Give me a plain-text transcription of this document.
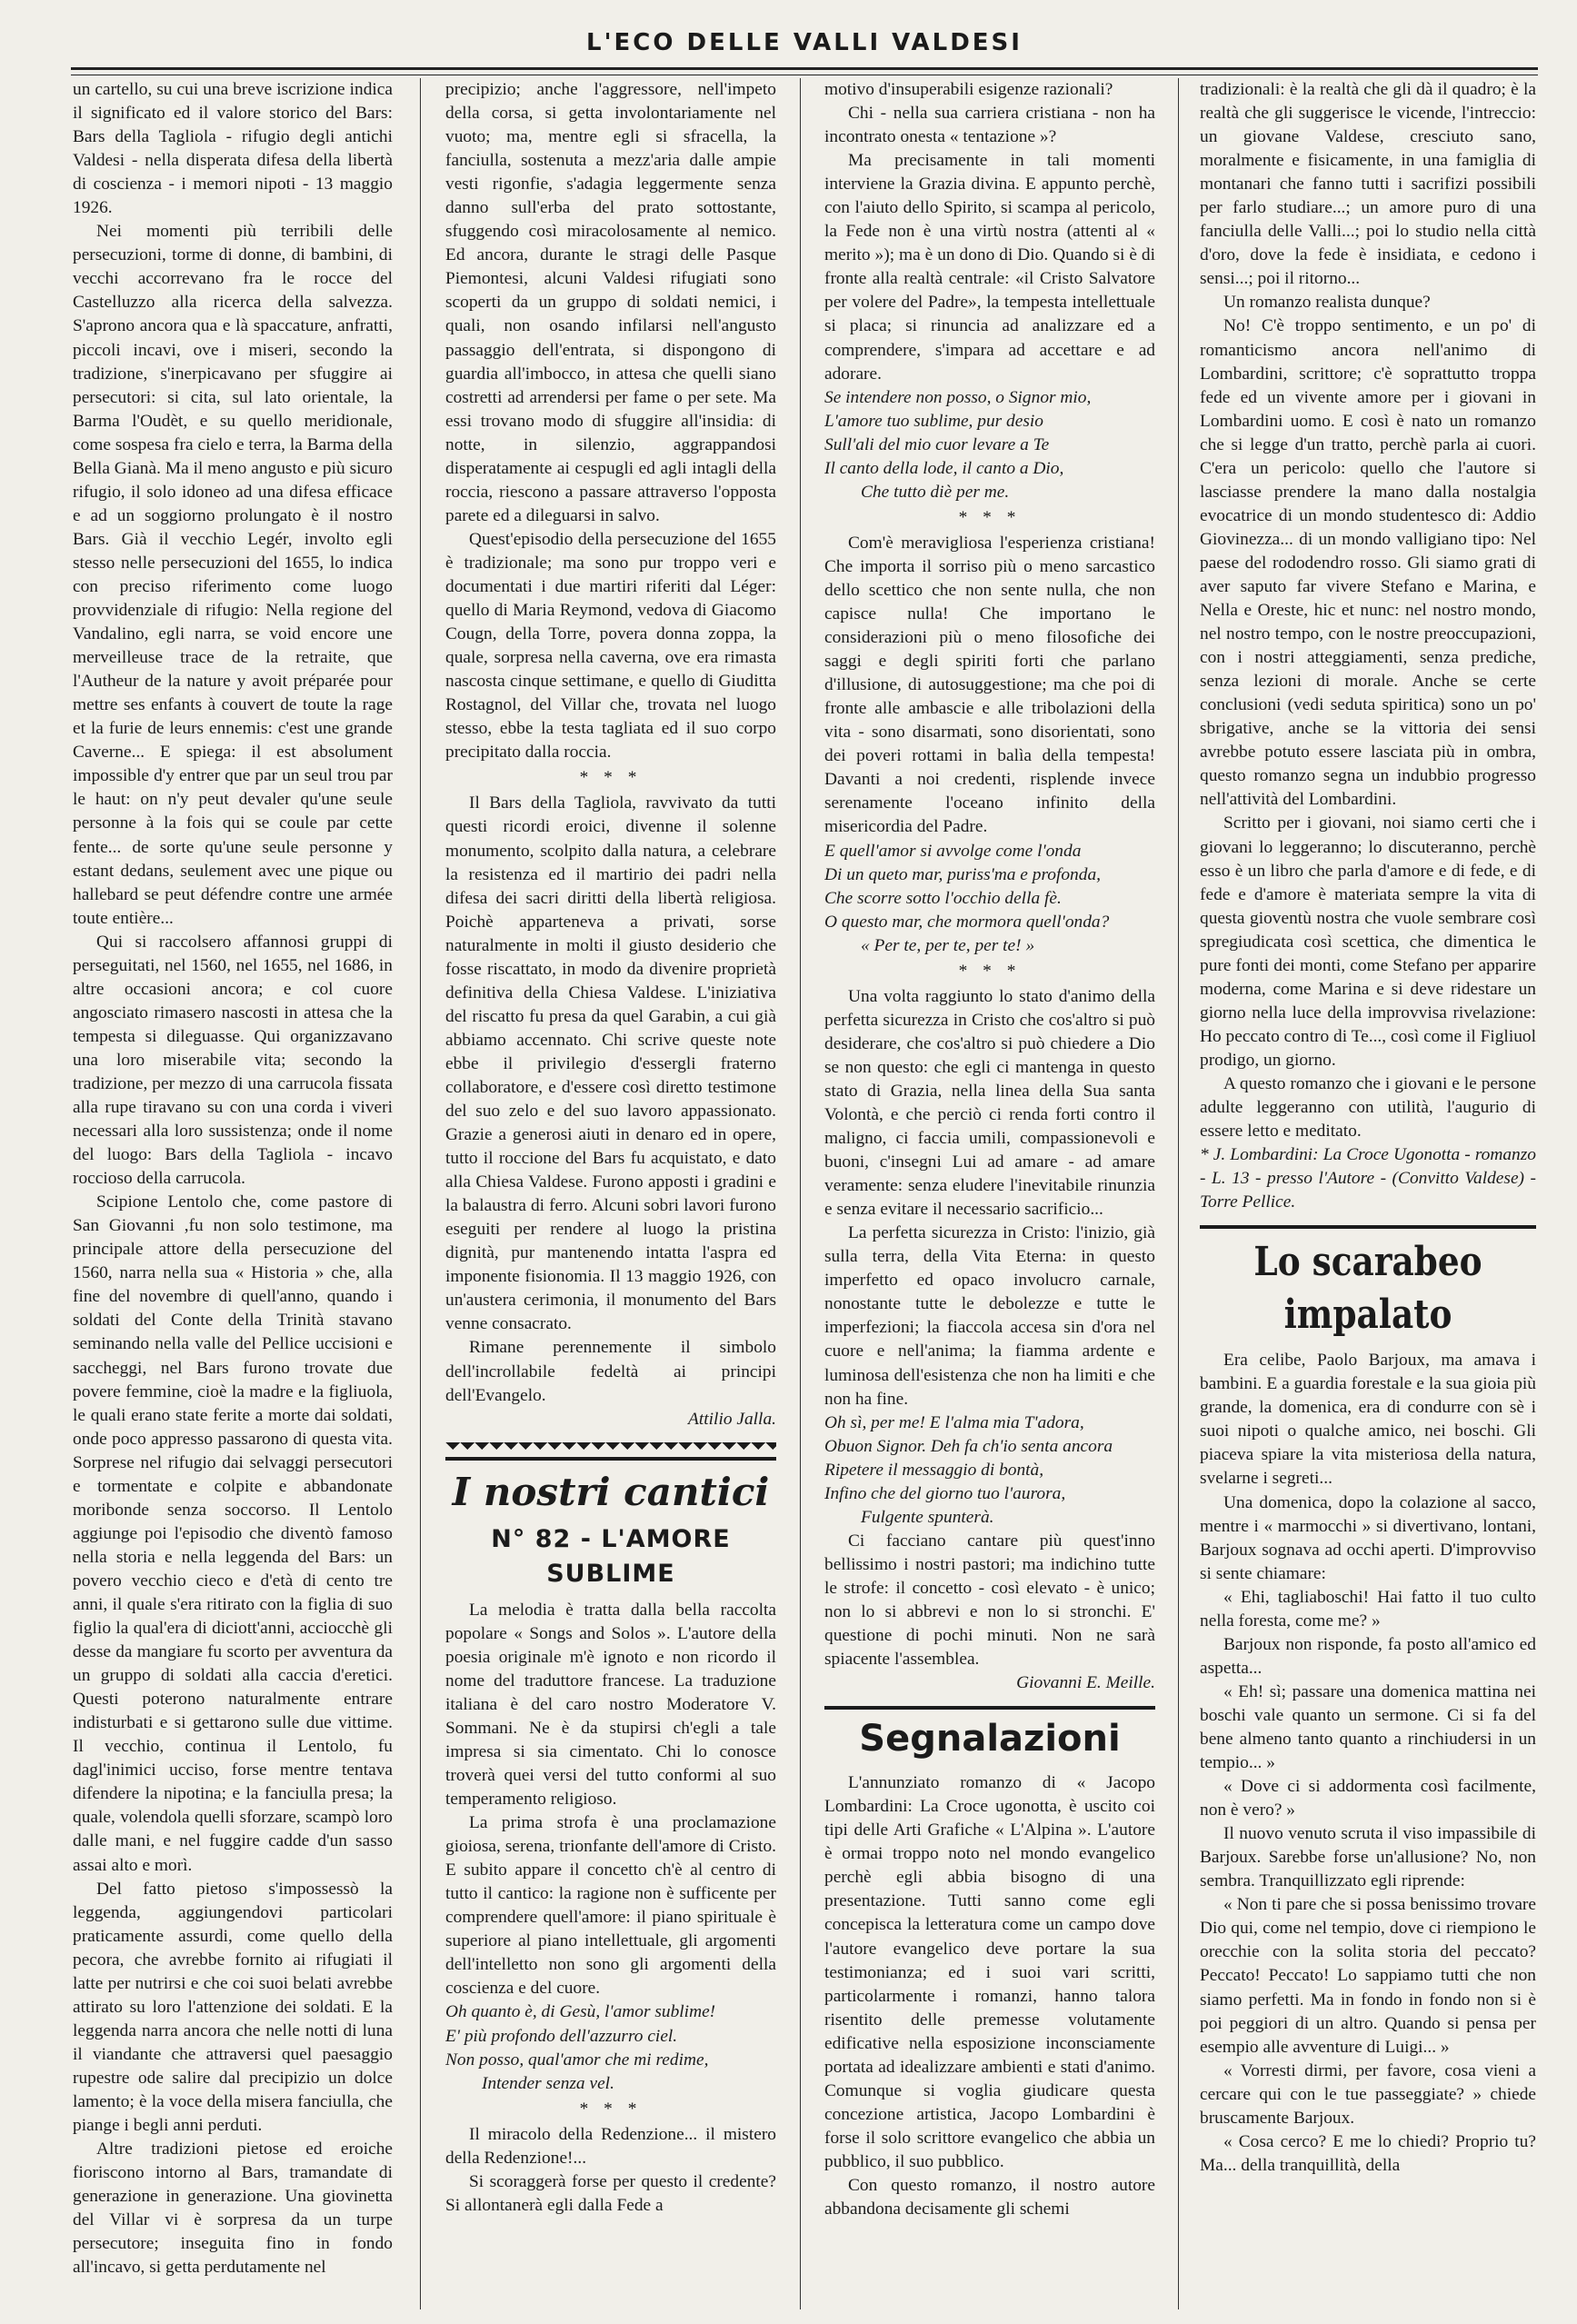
L'ECO DELLE VALLI VALDESI

un cartello, su cui una breve iscrizione indica il significato ed il valore storico del Bars: Bars della Tagliola - rifugio degli antichi Valdesi - nella disperata difesa della libertà di coscienza - i memori nipoti - 13 maggio 1926.

Nei momenti più terribili delle persecuzioni, torme di donne, di bambini, di vecchi accorrevano fra le rocce del Castelluzzo alla ricerca della salvezza. S'aprono ancora qua e là spaccature, anfratti, piccoli incavi, ove i miseri, secondo la tradizione, s'inerpicavano per sfuggire ai persecutori: si cita, sul lato orientale, la Barma l'Oudèt, e su quello meridionale, come sospesa fra cielo e terra, la Barma della Bella Gianà. Ma il meno angusto e più sicuro rifugio, il solo idoneo ad una difesa efficace e ad un soggiorno prolungato è il nostro Bars. Già il vecchio Legér, involto egli stesso nelle persecuzioni del 1655, lo indica con preciso riferimento come luogo provvidenziale di rifugio: Nella regione del Vandalino, egli narra, se void encore une merveilleuse trace de la retraite, que l'Autheur de la nature y avoit préparée pour mettre ses enfants à couvert de toute la rage et la furie de leurs ennemis: c'est une grande Caverne... E spiega: il est absolument impossible d'y entrer que par un seul trou par le haut: on n'y peut devaler qu'une seule personne à la fois qui se coule par cette fente... de sorte qu'une seule personne y estant dedans, seulement avec une pique ou hallebard se peut défendre contre une armée toute entière...

Qui si raccolsero affannosi gruppi di perseguitati, nel 1560, nel 1655, nel 1686, in altre occasioni ancora; e col cuore angosciato rimasero nascosti in attesa che la tempesta si dileguasse. Qui organizzavano una loro miserabile vita; secondo la tradizione, per mezzo di una carrucola fissata alla rupe tiravano su con una corda i viveri necessari alla loro sussistenza; onde il nome del luogo: Bars della Tagliola - incavo roccioso della carrucola.

Scipione Lentolo che, come pastore di San Giovanni ,fu non solo testimone, ma principale attore della persecuzione del 1560, narra nella sua « Historia » che, alla fine del novembre di quell'anno, quando i soldati del Conte della Trinità stavano seminando nella valle del Pellice uccisioni e saccheggi, nel Bars furono trovate due povere femmine, cioè la madre e la figliuola, le quali erano state ferite a morte dai soldati, onde poco appresso passarono di questa vita. Sorprese nel rifugio dai selvaggi persecutori e tormentate e colpite e abbandonate moribonde senza soccorso. Il Lentolo aggiunge poi l'episodio che diventò famoso nella storia e nella leggenda del Bars: un povero vecchio cieco e d'età di cento tre anni, il quale s'era ritirato con la figlia di suo figlio la qual'era di diciott'anni, acciocchè gli desse da mangiare fu scorto per avventura da un gruppo di soldati alla caccia d'eretici. Questi poterono naturalmente entrare indisturbati e si gettarono sulle due vittime. Il vecchio, continua il Lentolo, fu dagl'inimici ucciso, forse mentre tentava difendere la nipotina; e la fanciulla presa; la quale, volendola quelli sforzare, scampò loro dalle mani, e nel fuggire cadde d'un sasso assai alto e morì.

Del fatto pietoso s'impossessò la leggenda, aggiungendovi particolari praticamente assurdi, come quello della pecora, che avrebbe fornito ai rifugiati il latte per nutrirsi e che coi suoi belati avrebbe attirato su loro l'attenzione dei soldati. E la leggenda narra ancora che nelle notti di luna il viandante che attraversi quel paesaggio rupestre ode salire dal precipizio un dolce lamento; è la voce della misera fanciulla, che piange i begli anni perduti.

Altre tradizioni pietose ed eroiche fioriscono intorno al Bars, tramandate di generazione in generazione. Una giovinetta del Villar vi è sorpresa da un turpe persecutore; inseguita fino in fondo all'incavo, si getta perdutamente nel

precipizio; anche l'aggressore, nell'impeto della corsa, si getta involontariamente nel vuoto; ma, mentre egli si sfracella, la fanciulla, sostenuta a mezz'aria dalle ampie vesti rigonfie, s'adagia leggermente senza danno sull'erba del prato sottostante, sfuggendo così miracolosamente al nemico. Ed ancora, durante le stragi delle Pasque Piemontesi, alcuni Valdesi rifugiati sono scoperti da un gruppo di soldati nemici, i quali, non osando infilarsi nell'angusto passaggio dell'entrata, si dispongono di guardia all'imbocco, in attesa che quelli siano costretti ad arrendersi per fame o per sete. Ma essi trovano modo di sfuggire all'insidia: di notte, in silenzio, aggrappandosi disperatamente ai cespugli ed agli intagli della roccia, riescono a passare attraverso l'opposta parete ed a dileguarsi in salvo.

Quest'episodio della persecuzione del 1655 è tradizionale; ma sono pur troppo veri e documentati i due martiri riferiti dal Léger: quello di Maria Reymond, vedova di Giacomo Cougn, della Torre, povera donna zoppa, la quale, sorpresa nella caverna, ove era rimasta nascosta cinque settimane, e quello di Giuditta Rostagnol, del Villar che, trovata nel luogo stesso, ebbe la testa tagliata ed il suo corpo precipitato dalla roccia.

* * *

Il Bars della Tagliola, ravvivato da tutti questi ricordi eroici, divenne il solenne monumento, scolpito dalla natura, a celebrare la resistenza ed il martirio dei padri nella difesa dei sacri diritti della libertà religiosa. Poichè apparteneva a privati, sorse naturalmente in molti il giusto desiderio che fosse riscattato, in modo da divenire proprietà definitiva della Chiesa Valdese. L'iniziativa del riscatto fu presa da quel Garabin, a cui già abbiamo accennato. Chi scrive queste note ebbe il privilegio d'essergli fraterno collaboratore, e d'essere così diretto testimone del suo zelo e del suo lavoro appassionato. Grazie a generosi aiuti in denaro ed in opere, tutto il roccione del Bars fu acquistato, e dato alla Chiesa Valdese. Furono apposti i gradini e la balaustra di ferro. Alcuni sobri lavori furono eseguiti per rendere al luogo la pristina dignità, pur mantenendo intatta l'aspra ed imponente fisionomia. Il 13 maggio 1926, con un'austera cerimonia, il monumento del Bars venne consacrato.

Rimane perennemente il simbolo dell'incrollabile fedeltà ai principi dell'Evangelo.

Attilio Jalla.

I nostri cantici
N° 82 - L'AMORE SUBLIME

La melodia è tratta dalla bella raccolta popolare « Songs and Solos ». L'autore della poesia originale m'è ignoto e non ricordo il nome del traduttore francese. La traduzione italiana è del caro nostro Moderatore V. Sommani. Ne è da stupirsi ch'egli a tale impresa si sia cimentato. Chi lo conosce troverà quei versi del tutto conformi al suo temperamento religioso.

La prima strofa è una proclamazione gioiosa, serena, trionfante dell'amore di Cristo. E subito appare il concetto ch'è al centro di tutto il cantico: la ragione non è sufficente per comprendere quell'amore: il piano spirituale è superiore al piano intellettuale, gli argomenti dell'intelletto non sono gli argomenti della coscienza e del cuore.

Oh quanto è, di Gesù, l'amor sublime!

E' più profondo dell'azzurro ciel.

Non posso, qual'amor che mi redime,

Intender senza vel.

* * *

Il miracolo della Redenzione... il mistero della Redenzione!...

Si scoraggerà forse per questo il credente? Si allontanerà egli dalla Fede a

motivo d'insuperabili esigenze razionali?

Chi - nella sua carriera cristiana - non ha incontrato onesta « tentazione »?

Ma precisamente in tali momenti interviene la Grazia divina. E appunto perchè, con l'aiuto dello Spirito, si scampa al pericolo, la Fede non è una virtù nostra (attenti al « merito »); ma è un dono di Dio. Quando si è di fronte alla realtà centrale: «il Cristo Salvatore per volere del Padre», la tempesta intellettuale si placa; si rinuncia ad analizzare ed a comprendere, s'impara ad accettare e ad adorare.

Se intendere non posso, o Signor mio,

L'amore tuo sublime, pur desio

Sull'ali del mio cuor levare a Te

Il canto della lode, il canto a Dio,

Che tutto diè per me.

* * *

Com'è meravigliosa l'esperienza cristiana! Che importa il sorriso più o meno sarcastico dello scettico che non sente nulla, che non capisce nulla! Che importano le considerazioni più o meno filosofiche dei saggi e degli spiriti forti che parlano d'illusione, di autosuggestione; ma che poi di fronte alle ambascie e alle tribolazioni della vita - sono disarmati, sono disorientati, sono dei poveri rottami in balìa della tempesta! Davanti a noi credenti, risplende invece serenamente l'oceano infinito della misericordia del Padre.

E quell'amor si avvolge come l'onda

Di un queto mar, puriss'ma e profonda,

Che scorre sotto l'occhio della fè.

O questo mar, che mormora quell'onda?

« Per te, per te, per te! »

* * *

Una volta raggiunto lo stato d'animo della perfetta sicurezza in Cristo che cos'altro si può desiderare, che cos'altro si può chiedere a Dio se non questo: che egli ci mantenga in questo stato di Grazia, nella linea della Sua santa Volontà, e che perciò ci renda forti contro il maligno, ci faccia umili, compassionevoli e buoni, c'insegni Lui ad amare - ad amare veramente: senza eludere l'inevitabile rinunzia e senza evitare il necessario sacrificio...

La perfetta sicurezza in Cristo: l'inizio, già sulla terra, della Vita Eterna: in questo imperfetto ed opaco involucro carnale, nonostante tutte le debolezze e tutte le imperfezioni; la fiaccola accesa sin d'ora nel cuore e nell'anima; la fiamma ardente e luminosa dell'esistenza che non ha limiti e che non ha fine.

Oh sì, per me! E l'alma mia T'adora,

Obuon Signor. Deh fa ch'io senta ancora

Ripetere il messaggio di bontà,

Infino che del giorno tuo l'aurora,

Fulgente spunterà.

Ci facciano cantare più quest'inno bellissimo i nostri pastori; ma indichino tutte le strofe: il concetto - così elevato - è unico; non lo si abbrevi e non lo si stronchi. E' questione di pochi minuti. Non ne sarà spiacente l'assemblea.

Giovanni E. Meille.

Segnalazioni

L'annunziato romanzo di « Jacopo Lombardini: La Croce ugonotta, è uscito coi tipi delle Arti Grafiche « L'Alpina ». L'autore è ormai troppo noto nel mondo evangelico perchè egli abbia bisogno di una presentazione. Tutti sanno come egli concepisca la letteratura come un campo dove l'autore evangelico deve portare la sua testimonianza; ed i suoi vari scritti, particolarmente i romanzi, hanno talora risentito delle premesse volutamente edificative nella esposizione inconsciamente portata ad idealizzare ambienti e stati d'animo. Comunque si voglia giudicare questa concezione artistica, Jacopo Lombardini è forse il solo scrittore evangelico che abbia un pubblico, il suo pubblico.

Con questo romanzo, il nostro autore abbandona decisamente gli schemi

tradizionali: è la realtà che gli dà il quadro; è la realtà che gli suggerisce le vicende, l'intreccio: un giovane Valdese, cresciuto sano, moralmente e fisicamente, in una famiglia di montanari che fanno tutti i sacrifizi possibili per farlo studiare...; un amore puro di una fanciulla delle Valli...; poi lo studio nella città d'oro, dove la fede è insidiata, e cedono i sensi...; poi il ritorno...

Un romanzo realista dunque?

No! C'è troppo sentimento, e un po' di romanticismo ancora nell'animo di Lombardini, scrittore; c'è soprattutto troppa fede ed un vivente amore per i giovani in Lombardini uomo. E così è nato un romanzo che si legge d'un tratto, perchè parla ai cuori. C'era un pericolo: quello che l'autore si lasciasse prendere la mano dalla nostalgia evocatrice di un mondo studentesco di: Addio Giovinezza... di un mondo valligiano tipo: Nel paese del rododendro rosso. Gli siamo grati di aver saputo far vivere Stefano e Marina, e Nella e Oreste, hic et nunc: nel nostro mondo, nel nostro tempo, con le nostre preoccupazioni, con i nostri atteggiamenti, senza prediche, senza lezioni di morale. Anche se certe conclusioni (vedi seduta spiritica) sono un po' sbrigative, anche se la vittoria dei sensi avrebbe potuto essere lasciata più in ombra, questo romanzo segna un indubbio progresso nell'attività del Lombardini.

Scritto per i giovani, noi siamo certi che i giovani lo leggeranno; lo discuteranno, perchè esso è un libro che parla d'amore e di fede, e di fede e d'amore è materiata sempre la vita di questa gioventù nostra che vuole sembrare così spregiudicata così scettica, che dimentica le pure fonti dei monti, come Stefano per apparire moderna, come Marina e si deve ridestare un giorno nella luce della improvvisa rivelazione: Ho peccato contro di Te..., così come il Figliuol prodigo, un giorno.

A questo romanzo che i giovani e le persone adulte leggeranno con utilità, l'augurio di essere letto e meditato.

* J. Lombardini: La Croce Ugonotta - romanzo - L. 13 - presso l'Autore - (Convitto Valdese) - Torre Pellice.

Lo scarabeo impalato

Era celibe, Paolo Barjoux, ma amava i bambini. E a guardia forestale e la sua gioia più grande, la domenica, era di condurre con sè i suoi nipoti o qualche amico, nei boschi. Gli piaceva spiare la vita misteriosa della natura, svelarne i segreti...

Una domenica, dopo la colazione al sacco, mentre i « marmocchi » si divertivano, lontani, Barjoux sognava ad occhi aperti. D'improvviso si sente chiamare:

« Ehi, tagliaboschi! Hai fatto il tuo culto nella foresta, come me? »

Barjoux non risponde, fa posto all'amico ed aspetta...

« Eh! sì; passare una domenica mattina nei boschi vale quanto un sermone. Ci si fa del bene almeno tanto quanto a rinchiudersi in un tempio... »

« Dove ci si addormenta così facilmente, non è vero? »

Il nuovo venuto scruta il viso impassibile di Barjoux. Sarebbe forse un'allusione? No, non sembra. Tranquillizzato egli riprende:

« Non ti pare che si possa benissimo trovare Dio qui, come nel tempio, dove ci riempiono le orecchie con la solita storia del peccato? Peccato! Peccato! Lo sappiamo tutti che non siamo perfetti. Ma in fondo in fondo non si è poi peggiori di un altro. Quando si pensa per esempio alle avventure di Luigi... »

« Vorresti dirmi, per favore, cosa vieni a cercare qui con le tue passeggiate? » chiede bruscamente Barjoux.

« Cosa cerco? E me lo chiedi? Proprio tu? Ma... della tranquillità, della
